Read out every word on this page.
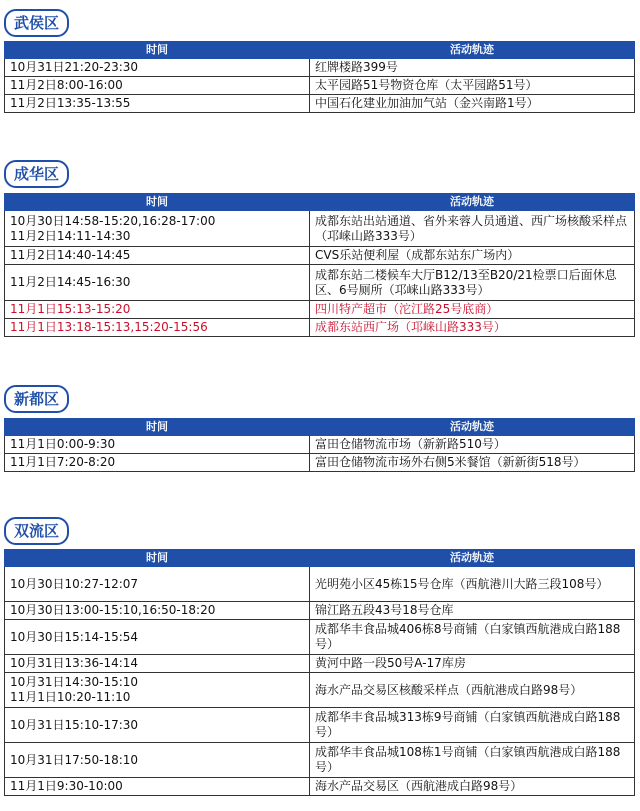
武侯区
时间	活动轨迹
10月31日21:20-23:30	红牌楼路399号
11月2日8:00-16:00	太平园路51号物资仓库（太平园路51号）
11月2日13:35-13:55	中国石化建业加油加气站（金兴南路1号）
成华区
时间	活动轨迹
10月30日14:58-15:20,16:28-17:00
11月2日14:11-14:30	成都东站出站通道、省外来蓉人员通道、西广场核酸采样点（邛崃山路333号）
11月2日14:40-14:45	CVS乐站便利屋（成都东站东广场内）
11月2日14:45-16:30	成都东站二楼候车大厅B12/13至B20/21检票口后面休息区、6号厕所（邛崃山路333号）
11月1日15:13-15:20	四川特产超市（沱江路25号底商）
11月1日13:18-15:13,15:20-15:56	成都东站西广场（邛崃山路333号）
新都区
时间	活动轨迹
11月1日0:00-9:30	富田仓储物流市场（新新路510号）
11月1日7:20-8:20	富田仓储物流市场外右侧5米餐馆（新新街518号）
双流区
时间	活动轨迹
10月30日10:27-12:07	光明苑小区45栋15号仓库（西航港川大路三段108号）
10月30日13:00-15:10,16:50-18:20	锦江路五段43号18号仓库
10月30日15:14-15:54	成都华丰食品城406栋8号商铺（白家镇西航港成白路188号）
10月31日13:36-14:14	黄河中路一段50号A-17库房
10月31日14:30-15:10
11月1日10:20-11:10	海水产品交易区核酸采样点（西航港成白路98号）
10月31日15:10-17:30	成都华丰食品城313栋9号商铺（白家镇西航港成白路188号）
10月31日17:50-18:10	成都华丰食品城108栋1号商铺（白家镇西航港成白路188号）
11月1日9:30-10:00	海水产品交易区（西航港成白路98号）
